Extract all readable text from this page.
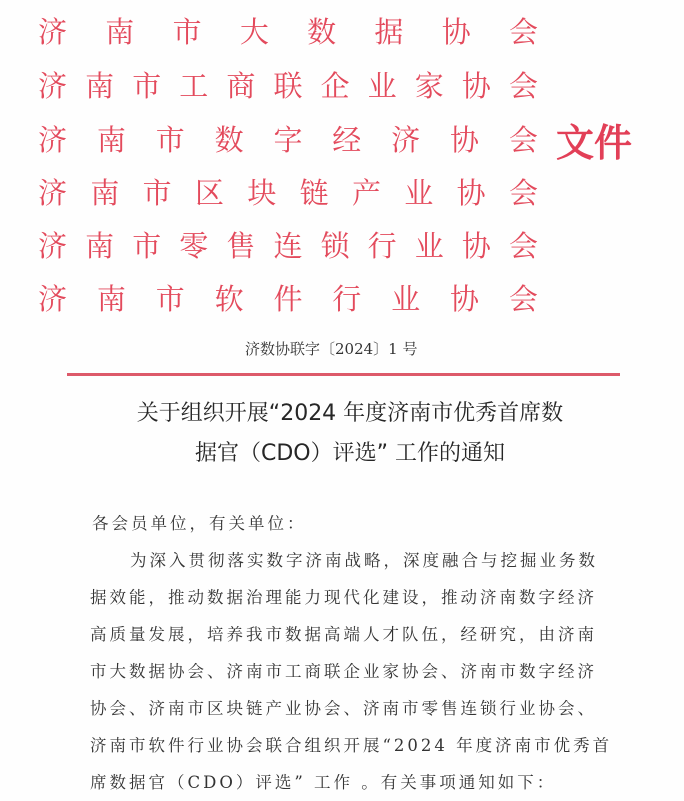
济 南 市 大 数 据 协 会
济 南 市 工 商 联 企 业 家 协 会
济 南 市 数 字 经 济 协 会
济 南 市 区 块 链 产 业 协 会
济 南 市 零 售 连 锁 行 业 协 会
济 南 市 软 件 行 业 协 会
文件
济数协联字〔2024〕1 号
关于组织开展“2024 年度济南市优秀首席数
据官（CDO）评选” 工作的通知
各会员单位，有关单位：
为深入贯彻落实数字济南战略，深度融合与挖掘业务数
据效能，推动数据治理能力现代化建设，推动济南数字经济
高质量发展，培养我市数据高端人才队伍，经研究，由济南
市大数据协会、济南市工商联企业家协会、济南市数字经济
协会、济南市区块链产业协会、济南市零售连锁行业协会、
济南市软件行业协会联合组织开展“2024 年度济南市优秀首
席数据官（CDO）评选” 工作 。有关事项通知如下：
